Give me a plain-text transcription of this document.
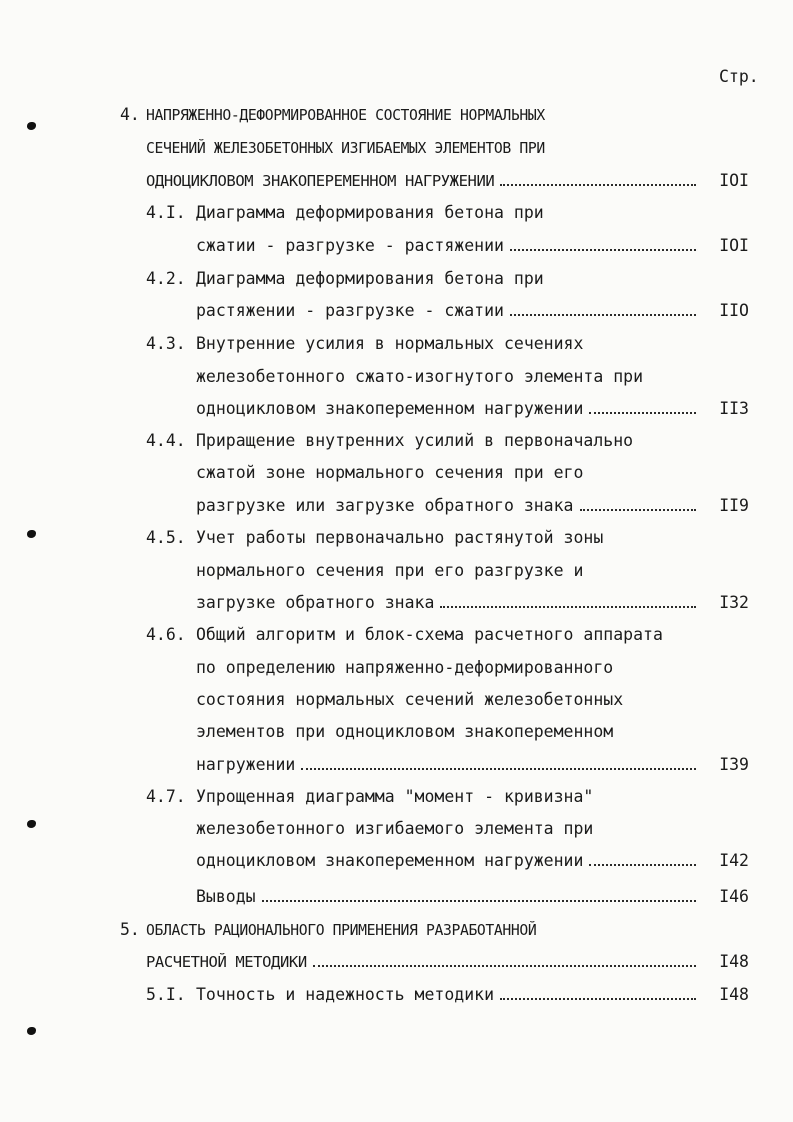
Стр.
4. НАПРЯЖЕННО-ДЕФОРМИРОВАННОЕ СОСТОЯНИЕ НОРМАЛЬНЫХ
СЕЧЕНИЙ ЖЕЛЕЗОБЕТОННЫХ ИЗГИБАЕМЫХ ЭЛЕМЕНТОВ ПРИ
ОДНОЦИКЛОВОМ ЗНАКОПЕРЕМЕННОМ НАГРУЖЕНИИ	IOI
4.I. Диаграмма деформирования бетона при
сжатии - разгрузке - растяжении	IOI
4.2. Диаграмма деформирования бетона при
растяжении - разгрузке - сжатии	IIO
4.3. Внутренние усилия в нормальных сечениях
железобетонного сжато-изогнутого элемента при
одноцикловом знакопеременном нагружении	II3
4.4. Приращение внутренних усилий в первоначально
сжатой зоне нормального сечения при его
разгрузке или загрузке обратного знака	II9
4.5. Учет работы первоначально растянутой зоны
нормального сечения при его разгрузке и
загрузке обратного знака	I32
4.6. Общий алгоритм и блок-схема расчетного аппарата
по определению напряженно-деформированного
состояния нормальных сечений железобетонных
элементов при одноцикловом знакопеременном
нагружении	I39
4.7. Упрощенная диаграмма "момент - кривизна"
железобетонного изгибаемого элемента при
одноцикловом знакопеременном нагружении	I42
Выводы	I46
5. ОБЛАСТЬ РАЦИОНАЛЬНОГО ПРИМЕНЕНИЯ РАЗРАБОТАННОЙ
РАСЧЕТНОЙ МЕТОДИКИ	I48
5.I. Точность и надежность методики	I48
